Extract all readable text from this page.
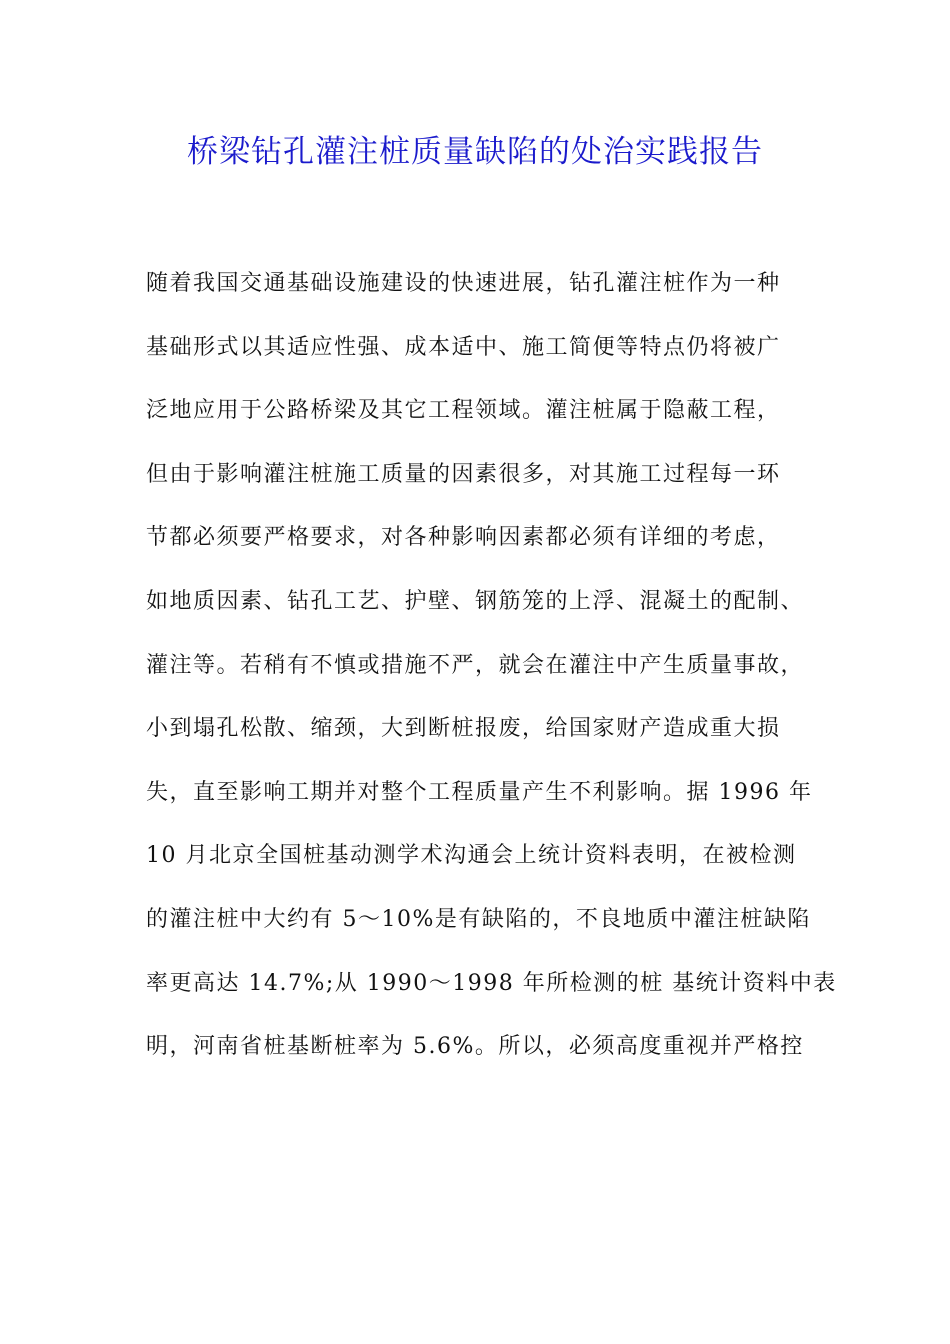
桥梁钻孔灌注桩质量缺陷的处治实践报告
随着我国交通基础设施建设的快速进展，钻孔灌注桩作为一种
基础形式以其适应性强、成本适中、施工简便等特点仍将被广
泛地应用于公路桥梁及其它工程领域。灌注桩属于隐蔽工程，
但由于影响灌注桩施工质量的因素很多，对其施工过程每一环
节都必须要严格要求，对各种影响因素都必须有详细的考虑，
如地质因素、钻孔工艺、护壁、钢筋笼的上浮、混凝土的配制、
灌注等。若稍有不慎或措施不严，就会在灌注中产生质量事故，
小到塌孔松散、缩颈，大到断桩报废，给国家财产造成重大损
失，直至影响工期并对整个工程质量产生不利影响。据 1996 年
10 月北京全国桩基动测学术沟通会上统计资料表明，在被检测
的灌注桩中大约有 5～10%是有缺陷的，不良地质中灌注桩缺陷
率更高达 14.7%;从 1990～1998 年所检测的桩 基统计资料中表
明，河南省桩基断桩率为 5.6%。所以，必须高度重视并严格控
